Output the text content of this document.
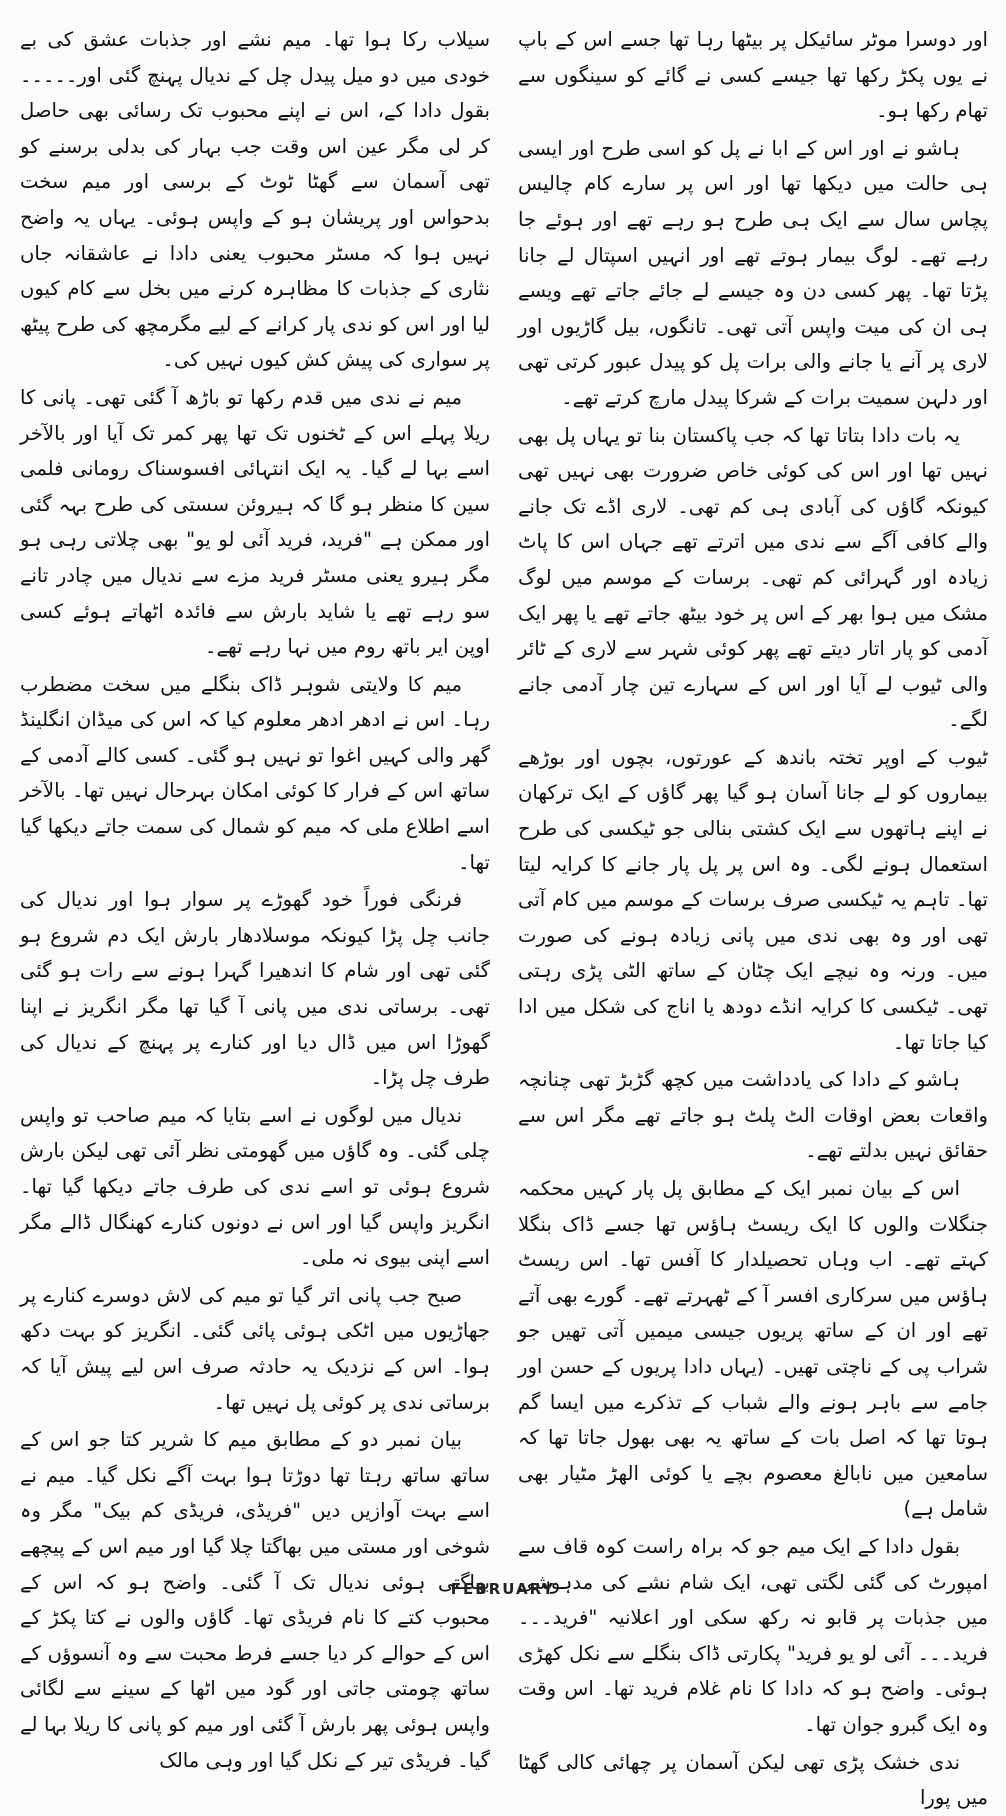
اور دوسرا موٹر سائیکل پر بیٹھا رہا تھا جسے اس کے باپ نے یوں پکڑ رکھا تھا جیسے کسی نے گائے کو سینگوں سے تھام رکھا ہو۔

ہاشو نے اور اس کے ابا نے پل کو اسی طرح اور ایسی ہی حالت میں دیکھا تھا اور اس پر سارے کام چالیس پچاس سال سے ایک ہی طرح ہو رہے تھے اور ہوئے جا رہے تھے۔ لوگ بیمار ہوتے تھے اور انہیں اسپتال لے جانا پڑتا تھا۔ پھر کسی دن وہ جیسے لے جائے جاتے تھے ویسے ہی ان کی میت واپس آتی تھی۔ تانگوں، بیل گاڑیوں اور لاری پر آنے یا جانے والی برات پل کو پیدل عبور کرتی تھی اور دلہن سمیت برات کے شرکا پیدل مارچ کرتے تھے۔

یہ بات دادا بتاتا تھا کہ جب پاکستان بنا تو یہاں پل بھی نہیں تھا اور اس کی کوئی خاص ضرورت بھی نہیں تھی کیونکہ گاؤں کی آبادی ہی کم تھی۔ لاری اڈے تک جانے والے کافی آگے سے ندی میں اترتے تھے جہاں اس کا پاٹ زیادہ اور گہرائی کم تھی۔ برسات کے موسم میں لوگ مشک میں ہوا بھر کے اس پر خود بیٹھ جاتے تھے یا پھر ایک آدمی کو پار اتار دیتے تھے پھر کوئی شہر سے لاری کے ٹائر والی ٹیوب لے آیا اور اس کے سہارے تین چار آدمی جانے لگے۔

ٹیوب کے اوپر تختہ باندھ کے عورتوں، بچوں اور بوڑھے بیماروں کو لے جانا آسان ہو گیا پھر گاؤں کے ایک ترکھان نے اپنے ہاتھوں سے ایک کشتی بنالی جو ٹیکسی کی طرح استعمال ہونے لگی۔ وہ اس پر پل پار جانے کا کرایہ لیتا تھا۔ تاہم یہ ٹیکسی صرف برسات کے موسم میں کام آتی تھی اور وہ بھی ندی میں پانی زیادہ ہونے کی صورت میں۔ ورنہ وہ نیچے ایک چٹان کے ساتھ الٹی پڑی رہتی تھی۔ ٹیکسی کا کرایہ انڈے دودھ یا اناج کی شکل میں ادا کیا جاتا تھا۔

ہاشو کے دادا کی یادداشت میں کچھ گڑبڑ تھی چنانچہ واقعات بعض اوقات الٹ پلٹ ہو جاتے تھے مگر اس سے حقائق نہیں بدلتے تھے۔

اس کے بیان نمبر ایک کے مطابق پل پار کہیں محکمہ جنگلات والوں کا ایک ریسٹ ہاؤس تھا جسے ڈاک بنگلا کہتے تھے۔ اب وہاں تحصیلدار کا آفس تھا۔ اس ریسٹ ہاؤس میں سرکاری افسر آ کے ٹھہرتے تھے۔ گورے بھی آتے تھے اور ان کے ساتھ پریوں جیسی میمیں آتی تھیں جو شراب پی کے ناچتی تھیں۔ (یہاں دادا پریوں کے حسن اور جامے سے باہر ہونے والے شباب کے تذکرے میں ایسا گم ہوتا تھا کہ اصل بات کے ساتھ یہ بھی بھول جاتا تھا کہ سامعین میں نابالغ معصوم بچے یا کوئی الھڑ مٹیار بھی شامل ہے)

بقول دادا کے ایک میم جو کہ براہ راست کوہ قاف سے امپورٹ کی گئی لگتی تھی، ایک شام نشے کی مدہوشی میں جذبات پر قابو نہ رکھ سکی اور اعلانیہ "فرید۔۔۔ فرید۔۔۔ آئی لو یو فرید" پکارتی ڈاک بنگلے سے نکل کھڑی ہوئی۔ واضح ہو کہ دادا کا نام غلام فرید تھا۔ اس وقت وہ ایک گبرو جوان تھا۔

ندی خشک پڑی تھی لیکن آسمان پر چھائی کالی گھٹا میں پورا

سیلاب رکا ہوا تھا۔ میم نشے اور جذبات عشق کی بے خودی میں دو میل پیدل چل کے ندیال پہنچ گئی اور۔۔۔۔۔ بقول دادا کے، اس نے اپنے محبوب تک رسائی بھی حاصل کر لی مگر عین اس وقت جب بہار کی بدلی برسنے کو تھی آسمان سے گھٹا ٹوٹ کے برسی اور میم سخت بدحواس اور پریشان ہو کے واپس ہوئی۔ یہاں یہ واضح نہیں ہوا کہ مسٹر محبوب یعنی دادا نے عاشقانہ جاں نثاری کے جذبات کا مظاہرہ کرنے میں بخل سے کام کیوں لیا اور اس کو ندی پار کرانے کے لیے مگرمچھ کی طرح پیٹھ پر سواری کی پیش کش کیوں نہیں کی۔

میم نے ندی میں قدم رکھا تو باڑھ آ گئی تھی۔ پانی کا ریلا پہلے اس کے ٹخنوں تک تھا پھر کمر تک آیا اور بالآخر اسے بہا لے گیا۔ یہ ایک انتہائی افسوسناک رومانی فلمی سین کا منظر ہو گا کہ ہیروئن سستی کی طرح بہہ گئی اور ممکن ہے "فرید، فرید آئی لو یو" بھی چلاتی رہی ہو مگر ہیرو یعنی مسٹر فرید مزے سے ندیال میں چادر تانے سو رہے تھے یا شاید بارش سے فائدہ اٹھاتے ہوئے کسی اوپن ایر باتھ روم میں نہا رہے تھے۔

میم کا ولایتی شوہر ڈاک بنگلے میں سخت مضطرب رہا۔ اس نے ادھر ادھر معلوم کیا کہ اس کی میڈان انگلینڈ گھر والی کہیں اغوا تو نہیں ہو گئی۔ کسی کالے آدمی کے ساتھ اس کے فرار کا کوئی امکان بہرحال نہیں تھا۔ بالآخر اسے اطلاع ملی کہ میم کو شمال کی سمت جاتے دیکھا گیا تھا۔

فرنگی فوراً خود گھوڑے پر سوار ہوا اور ندیال کی جانب چل پڑا کیونکہ موسلادھار بارش ایک دم شروع ہو گئی تھی اور شام کا اندھیرا گہرا ہونے سے رات ہو گئی تھی۔ برساتی ندی میں پانی آ گیا تھا مگر انگریز نے اپنا گھوڑا اس میں ڈال دیا اور کنارے پر پہنچ کے ندیال کی طرف چل پڑا۔

ندیال میں لوگوں نے اسے بتایا کہ میم صاحب تو واپس چلی گئی۔ وہ گاؤں میں گھومتی نظر آئی تھی لیکن بارش شروع ہوئی تو اسے ندی کی طرف جاتے دیکھا گیا تھا۔ انگریز واپس گیا اور اس نے دونوں کنارے کھنگال ڈالے مگر اسے اپنی بیوی نہ ملی۔

صبح جب پانی اتر گیا تو میم کی لاش دوسرے کنارے پر جھاڑیوں میں اٹکی ہوئی پائی گئی۔ انگریز کو بہت دکھ ہوا۔ اس کے نزدیک یہ حادثہ صرف اس لیے پیش آیا کہ برساتی ندی پر کوئی پل نہیں تھا۔

بیان نمبر دو کے مطابق میم کا شریر کتا جو اس کے ساتھ ساتھ رہتا تھا دوڑتا ہوا بہت آگے نکل گیا۔ میم نے اسے بہت آوازیں دیں "فریڈی، فریڈی کم بیک" مگر وہ شوخی اور مستی میں بھاگتا چلا گیا اور میم اس کے پیچھے بھاگتی ہوئی ندیال تک آ گئی۔ واضح ہو کہ اس کے محبوب کتے کا نام فریڈی تھا۔ گاؤں والوں نے کتا پکڑ کے اس کے حوالے کر دیا جسے فرط محبت سے وہ آنسوؤں کے ساتھ چومتی جاتی اور گود میں اٹھا کے سینے سے لگائی واپس ہوئی پھر بارش آ گئی اور میم کو پانی کا ریلا بہا لے گیا۔ فریڈی تیر کے نکل گیا اور وہی مالک

FEBRUARY
